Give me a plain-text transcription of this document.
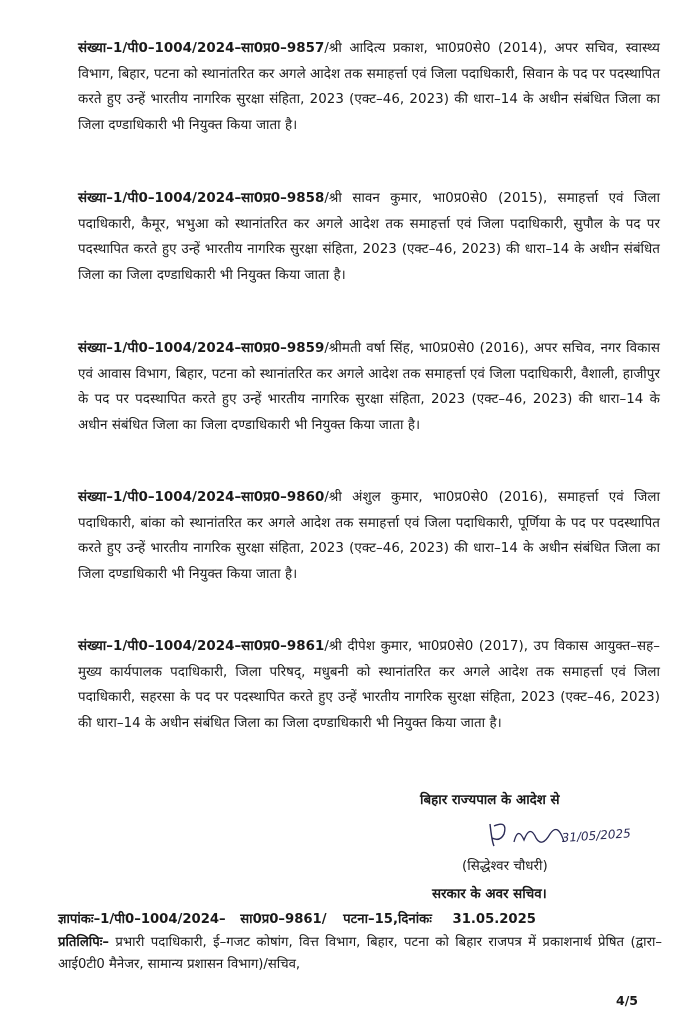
संख्या–1/पी0–1004/2024–सा0प्र0–9857/श्री आदित्य प्रकाश, भा0प्र0से0 (2014), अपर सचिव, स्वास्थ्य विभाग, बिहार, पटना को स्थानांतरित कर अगले आदेश तक समाहर्त्ता एवं जिला पदाधिकारी, सिवान के पद पर पदस्थापित करते हुए उन्हें भारतीय नागरिक सुरक्षा संहिता, 2023 (एक्ट–46, 2023) की धारा–14 के अधीन संबंधित जिला का जिला दण्डाधिकारी भी नियुक्त किया जाता है।

संख्या–1/पी0–1004/2024–सा0प्र0–9858/श्री सावन कुमार, भा0प्र0से0 (2015), समाहर्त्ता एवं जिला पदाधिकारी, कैमूर, भभुआ को स्थानांतरित कर अगले आदेश तक समाहर्त्ता एवं जिला पदाधिकारी, सुपौल के पद पर पदस्थापित करते हुए उन्हें भारतीय नागरिक सुरक्षा संहिता, 2023 (एक्ट–46, 2023) की धारा–14 के अधीन संबंधित जिला का जिला दण्डाधिकारी भी नियुक्त किया जाता है।

संख्या–1/पी0–1004/2024–सा0प्र0–9859/श्रीमती वर्षा सिंह, भा0प्र0से0 (2016), अपर सचिव, नगर विकास एवं आवास विभाग, बिहार, पटना को स्थानांतरित कर अगले आदेश तक समाहर्त्ता एवं जिला पदाधिकारी, वैशाली, हाजीपुर के पद पर पदस्थापित करते हुए उन्हें भारतीय नागरिक सुरक्षा संहिता, 2023 (एक्ट–46, 2023) की धारा–14 के अधीन संबंधित जिला का जिला दण्डाधिकारी भी नियुक्त किया जाता है।

संख्या–1/पी0–1004/2024–सा0प्र0–9860/श्री अंशुल कुमार, भा0प्र0से0 (2016), समाहर्त्ता एवं जिला पदाधिकारी, बांका को स्थानांतरित कर अगले आदेश तक समाहर्त्ता एवं जिला पदाधिकारी, पूर्णिया के पद पर पदस्थापित करते हुए उन्हें भारतीय नागरिक सुरक्षा संहिता, 2023 (एक्ट–46, 2023) की धारा–14 के अधीन संबंधित जिला का जिला दण्डाधिकारी भी नियुक्त किया जाता है।

संख्या–1/पी0–1004/2024–सा0प्र0–9861/श्री दीपेश कुमार, भा0प्र0से0 (2017), उप विकास आयुक्त–सह–मुख्य कार्यपालक पदाधिकारी, जिला परिषद्, मधुबनी को स्थानांतरित कर अगले आदेश तक समाहर्त्ता एवं जिला पदाधिकारी, सहरसा के पद पर पदस्थापित करते हुए उन्हें भारतीय नागरिक सुरक्षा संहिता, 2023 (एक्ट–46, 2023) की धारा–14 के अधीन संबंधित जिला का जिला दण्डाधिकारी भी नियुक्त किया जाता है।

बिहार राज्यपाल के आदेश से
31/05/2025
(सिद्धेश्वर चौधरी)
सरकार के अवर सचिव।
ज्ञापांकः–1/पी0–1004/2024– सा0प्र0–9861/ पटना–15,दिनांकः 31.05.2025
प्रतिलिपिः– प्रभारी पदाधिकारी, ई–गजट कोषांग, वित्त विभाग, बिहार, पटना को बिहार राजपत्र में प्रकाशनार्थ प्रेषित (द्वारा– आई0टी0 मैनेजर, सामान्य प्रशासन विभाग)/सचिव,
4/5
